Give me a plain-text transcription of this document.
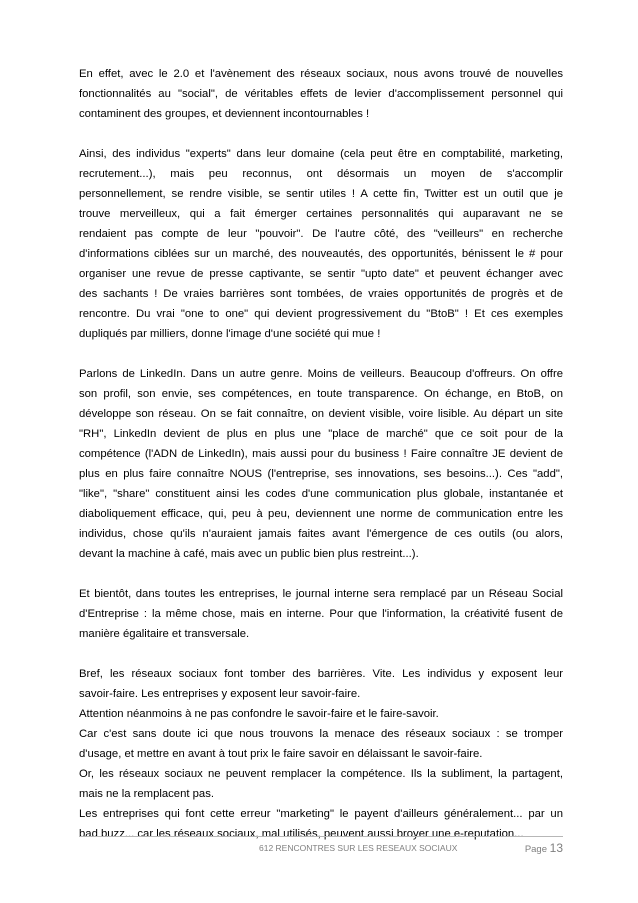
En effet, avec le 2.0 et l'avènement des réseaux sociaux, nous avons trouvé de nouvelles
fonctionnalités au "social", de véritables effets de levier d'accomplissement personnel qui
contaminent des groupes, et deviennent incontournables !
Ainsi, des individus "experts" dans leur domaine (cela peut être en comptabilité, marketing,
recrutement...), mais peu reconnus, ont désormais un moyen de s'accomplir
personnellement, se rendre visible, se sentir utiles ! A cette fin, Twitter est un outil que je
trouve merveilleux, qui a fait émerger certaines personnalités qui auparavant ne se
rendaient pas compte de leur "pouvoir". De l'autre côté, des "veilleurs" en recherche
d'informations ciblées sur un marché, des nouveautés, des opportunités, bénissent le # pour
organiser une revue de presse captivante, se sentir "upto date" et peuvent échanger avec
des sachants ! De vraies barrières sont tombées, de vraies opportunités de progrès et de
rencontre. Du vrai "one to one" qui devient progressivement du "BtoB" ! Et ces exemples
dupliqués par milliers, donne l'image d'une société qui mue !
Parlons de LinkedIn. Dans un autre genre. Moins de veilleurs. Beaucoup d'offreurs. On offre
son profil, son envie, ses compétences, en toute transparence. On échange, en BtoB, on
développe son réseau. On se fait connaître, on devient visible, voire lisible. Au départ un site
"RH", LinkedIn devient de plus en plus une "place de marché" que ce soit pour de la
compétence (l'ADN de LinkedIn), mais aussi pour du business ! Faire connaître JE devient de
plus en plus faire connaître NOUS (l'entreprise, ses innovations, ses besoins...). Ces "add",
"like", "share" constituent ainsi les codes d'une communication plus globale, instantanée et
diaboliquement efficace, qui, peu à peu, deviennent une norme de communication entre les
individus, chose qu'ils n'auraient jamais faites avant l'émergence de ces outils (ou alors,
devant la machine à café, mais avec un public bien plus restreint...).
Et bientôt, dans toutes les entreprises, le journal interne sera remplacé par un Réseau Social
d'Entreprise : la même chose, mais en interne. Pour que l'information, la créativité fusent de
manière égalitaire et transversale.
Bref, les réseaux sociaux font tomber des barrières. Vite. Les individus y exposent leur
savoir-faire. Les entreprises y exposent leur savoir-faire.
Attention néanmoins à ne pas confondre le savoir-faire et le faire-savoir.
Car c'est sans doute ici que nous trouvons la menace des réseaux sociaux : se tromper
d'usage, et mettre en avant à tout prix le faire savoir en délaissant le savoir-faire.
Or, les réseaux sociaux ne peuvent remplacer la compétence. Ils la subliment, la partagent,
mais ne la remplacent pas.
Les entreprises qui font cette erreur "marketing" le payent d'ailleurs généralement... par un
bad buzz... car les réseaux sociaux, mal utilisés, peuvent aussi broyer une e-reputation...
612 RENCONTRES SUR LES RESEAUX SOCIAUX	Page 13
